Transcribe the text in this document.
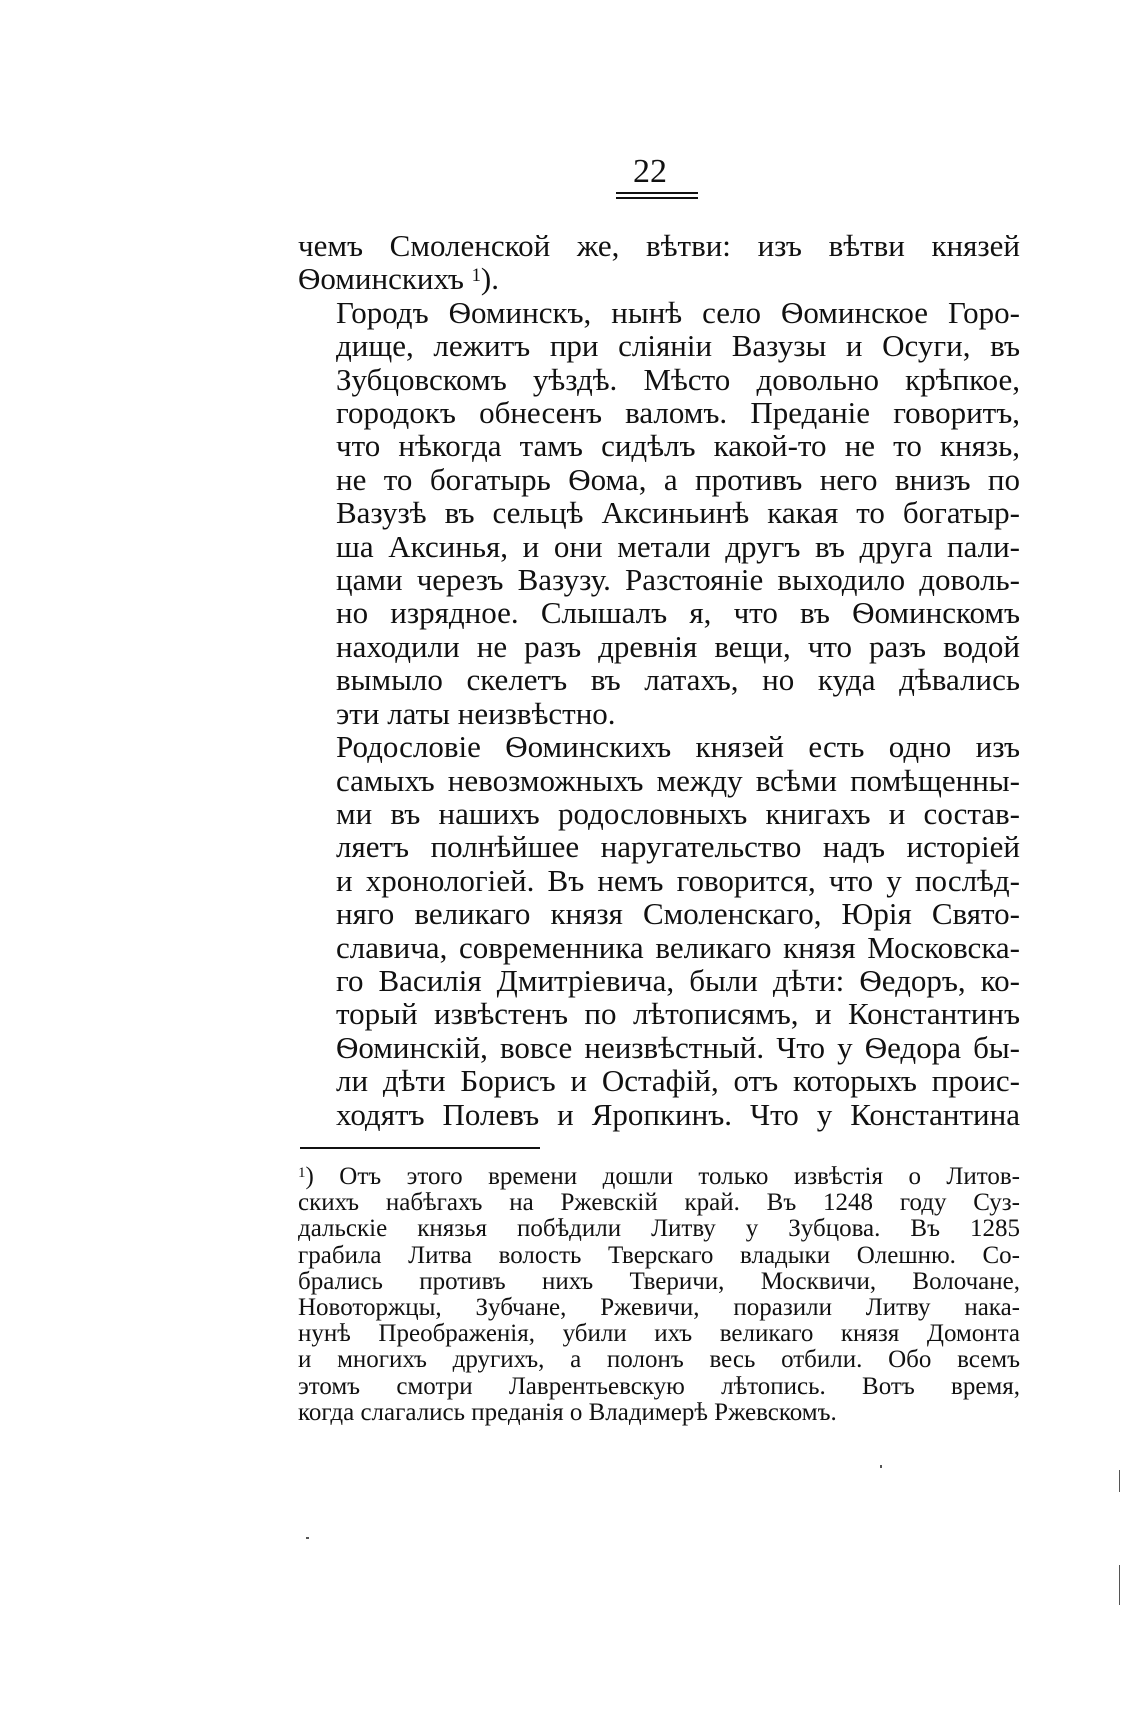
22

чемъ Смоленской же, вѣтви: изъ вѣтви князей
Ѳоминскихъ $^1$).

Городъ Ѳоминскъ, нынѣ село Ѳоминское Горо-
дище, лежитъ при сліяніи Вазузы и Осуги, въ
Зубцовскомъ уѣздѣ. Мѣсто довольно крѣпкое,
городокъ обнесенъ валомъ. Преданіе говоритъ,
что нѣкогда тамъ сидѣлъ какой-то не то князь,
не то богатырь Ѳома, а противъ него внизъ по
Вазузѣ въ сельцѣ Аксиньинѣ какая то богатыр-
ша Аксинья, и они метали другъ въ друга пали-
цами черезъ Вазузу. Разстояніе выходило доволь-
но изрядное. Слышалъ я, что въ Ѳоминскомъ
находили не разъ древнія вещи, что разъ водой
вымыло скелетъ въ латахъ, но куда дѣвались
эти латы неизвѣстно.

Родословіе Ѳоминскихъ князей есть одно изъ
самыхъ невозможныхъ между всѣми помѣщенны-
ми въ нашихъ родословныхъ книгахъ и состав-
ляетъ полнѣйшее наругательство надъ исторіей
и хронологіей. Въ немъ говорится, что у послѣд-
няго великаго князя Смоленскаго, Юрія Свято-
славича, современника великаго князя Московска-
го Василія Дмитріевича, были дѣти: Ѳедоръ, ко-
торый извѣстенъ по лѣтописямъ, и Константинъ
Ѳоминскій, вовсе неизвѣстный. Что у Ѳедора бы-
ли дѣти Борисъ и Остафій, отъ которыхъ проис-
ходятъ Полевъ и Яропкинъ. Что у Константина

$^1$) Отъ этого времени дошли только извѣстія о Литов-
скихъ набѣгахъ на Ржевскій край. Въ 1248 году Суз-
дальскіе князья побѣдили Литву у Зубцова. Въ 1285
грабила Литва волость Тверскаго владыки Олешню. Со-
брались противъ нихъ Тверичи, Москвичи, Волочане,
Новоторжцы, Зубчане, Ржевичи, поразили Литву нака-
нунѣ Преображенія, убили ихъ великаго князя Домонта
и многихъ другихъ, а полонъ весь отбили. Обо всемъ
этомъ смотри Лаврентьевскую лѣтопись. Вотъ время,
когда слагались преданія о Владимерѣ Ржевскомъ.
